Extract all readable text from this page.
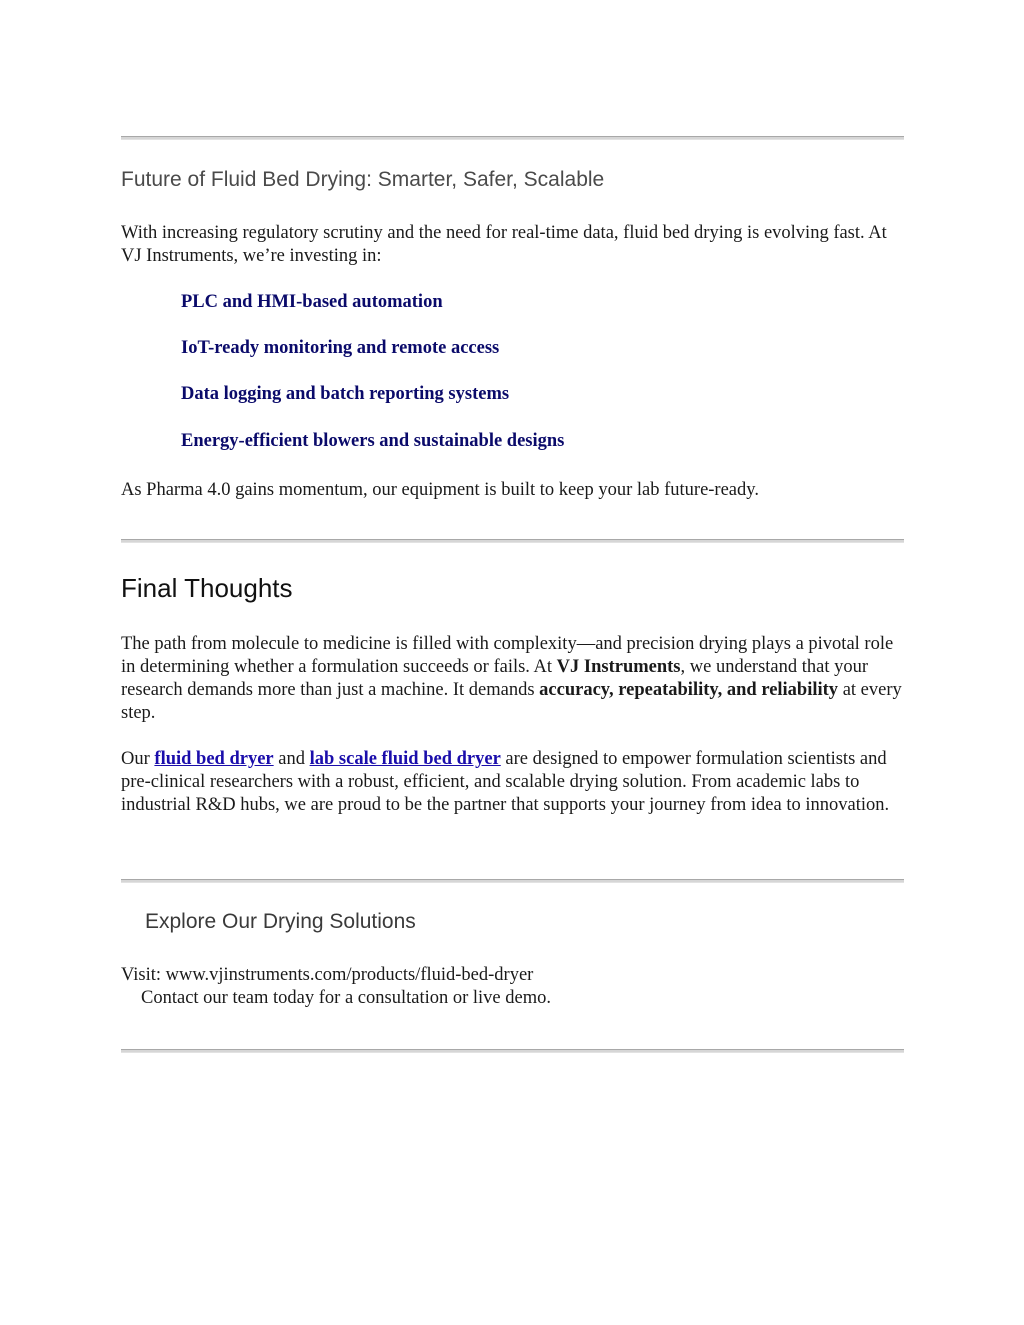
Future of Fluid Bed Drying: Smarter, Safer, Scalable

With increasing regulatory scrutiny and the need for real-time data, fluid bed drying is evolving fast. At VJ Instruments, we’re investing in:

PLC and HMI-based automation

IoT-ready monitoring and remote access

Data logging and batch reporting systems

Energy-efficient blowers and sustainable designs

As Pharma 4.0 gains momentum, our equipment is built to keep your lab future-ready.

Final Thoughts

The path from molecule to medicine is filled with complexity—and precision drying plays a pivotal role in determining whether a formulation succeeds or fails. At VJ Instruments, we understand that your research demands more than just a machine. It demands accuracy, repeatability, and reliability at every step.

Our fluid bed dryer and lab scale fluid bed dryer are designed to empower formulation scientists and pre-clinical researchers with a robust, efficient, and scalable drying solution. From academic labs to industrial R&D hubs, we are proud to be the partner that supports your journey from idea to innovation.

Explore Our Drying Solutions

Visit: www.vjinstruments.com/products/fluid-bed-dryer

Contact our team today for a consultation or live demo.
